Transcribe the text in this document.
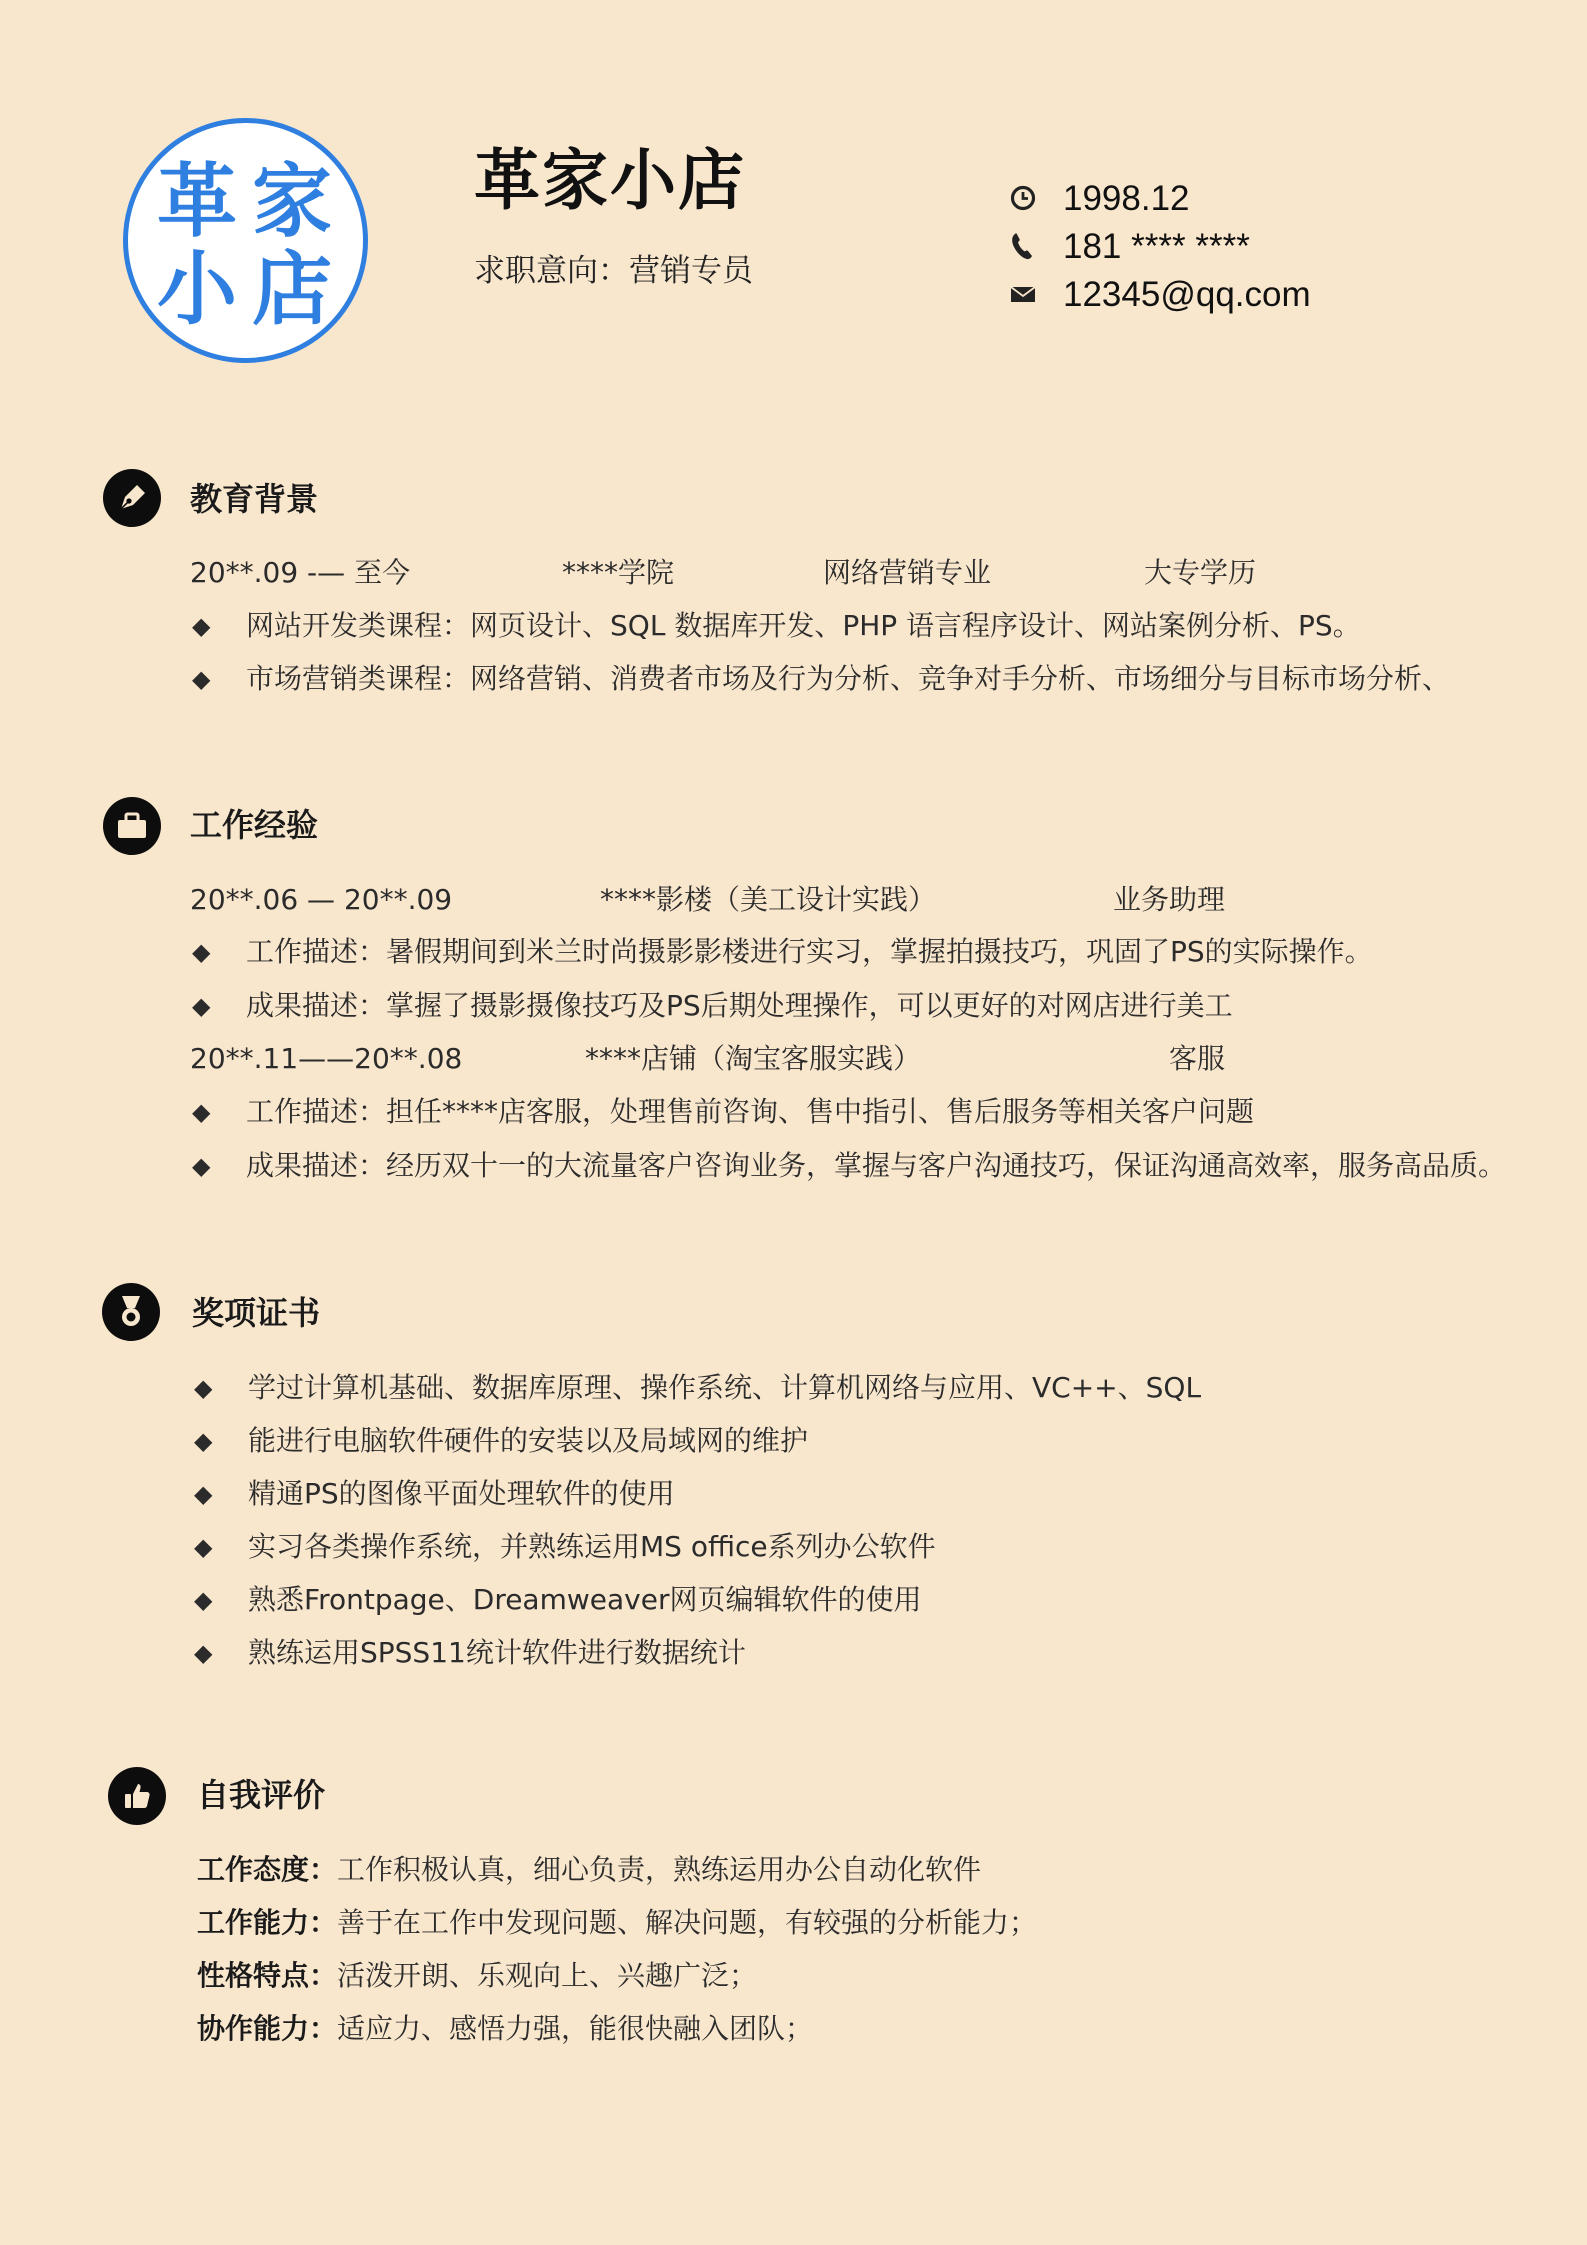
革 家
小 店
革家小店
求职意向：营销专员
1998.12
181 **** ****
12345@qq.com
教育背景
20**.09 -— 至今	****学院	网络营销专业	大专学历
◆ 网站开发类课程：网页设计、SQL 数据库开发、PHP 语言程序设计、网站案例分析、PS。
◆ 市场营销类课程：网络营销、消费者市场及行为分析、竞争对手分析、市场细分与目标市场分析、
工作经验
20**.06 — 20**.09	****影楼（美工设计实践）	业务助理
◆ 工作描述：暑假期间到米兰时尚摄影影楼进行实习，掌握拍摄技巧，巩固了PS的实际操作。
◆ 成果描述：掌握了摄影摄像技巧及PS后期处理操作，可以更好的对网店进行美工
20**.11——20**.08	****店铺（淘宝客服实践）	客服
◆ 工作描述：担任****店客服，处理售前咨询、售中指引、售后服务等相关客户问题
◆ 成果描述：经历双十一的大流量客户咨询业务，掌握与客户沟通技巧，保证沟通高效率，服务高品质。
奖项证书
◆ 学过计算机基础、数据库原理、操作系统、计算机网络与应用、VC++、SQL
◆ 能进行电脑软件硬件的安装以及局域网的维护
◆ 精通PS的图像平面处理软件的使用
◆ 实习各类操作系统，并熟练运用MS office系列办公软件
◆ 熟悉Frontpage、Dreamweaver网页编辑软件的使用
◆ 熟练运用SPSS11统计软件进行数据统计
自我评价
工作态度：工作积极认真，细心负责，熟练运用办公自动化软件
工作能力：善于在工作中发现问题、解决问题，有较强的分析能力；
性格特点：活泼开朗、乐观向上、兴趣广泛；
协作能力：适应力、感悟力强，能很快融入团队；
